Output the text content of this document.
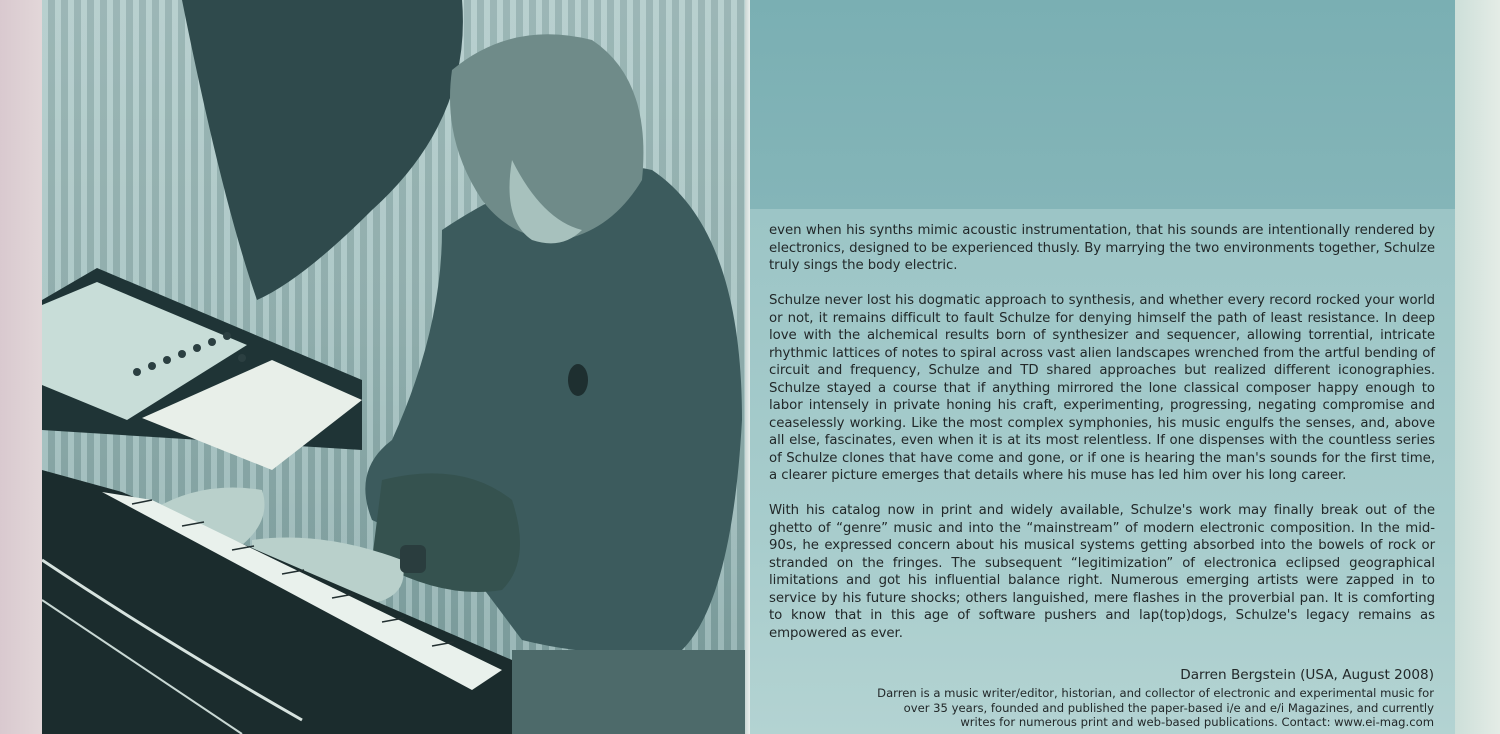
even when his synths mimic acoustic instrumentation, that his sounds are intentionally rendered by electronics, designed to be experienced thusly. By marrying the two environments together, Schulze truly sings the body electric.

Schulze never lost his dogmatic approach to synthesis, and whether every record rocked your world or not, it remains difficult to fault Schulze for denying himself the path of least resistance. In deep love with the alchemical results born of synthesizer and sequencer, allowing torrential, intricate rhythmic lattices of notes to spiral across vast alien landscapes wrenched from the artful bending of circuit and frequency, Schulze and TD shared approaches but realized different iconographies. Schulze stayed a course that if anything mirrored the lone classical composer happy enough to labor intensely in private honing his craft, experimenting, progressing, negating compromise and ceaselessly working. Like the most complex symphonies, his music engulfs the senses, and, above all else, fascinates, even when it is at its most relentless. If one dispenses with the countless series of Schulze clones that have come and gone, or if one is hearing the man's sounds for the first time, a clearer picture emerges that details where his muse has led him over his long career.

With his catalog now in print and widely available, Schulze's work may finally break out of the ghetto of “genre” music and into the “mainstream” of modern electronic composition. In the mid-90s, he expressed concern about his musical systems getting absorbed into the bowels of rock or stranded on the fringes. The subsequent “legitimization” of electronica eclipsed geographical limitations and got his influential balance right. Numerous emerging artists were zapped in to service by his future shocks; others languished, mere flashes in the proverbial pan. It is comforting to know that in this age of software pushers and lap(top)dogs, Schulze's legacy remains as empowered as ever.

Darren Bergstein (USA, August 2008)
Darren is a music writer/editor, historian, and collector of electronic and experimental music for over 35 years, founded and published the paper-based i/e and e/i Magazines, and currently writes for numerous print and web-based publications. Contact: www.ei-mag.com
